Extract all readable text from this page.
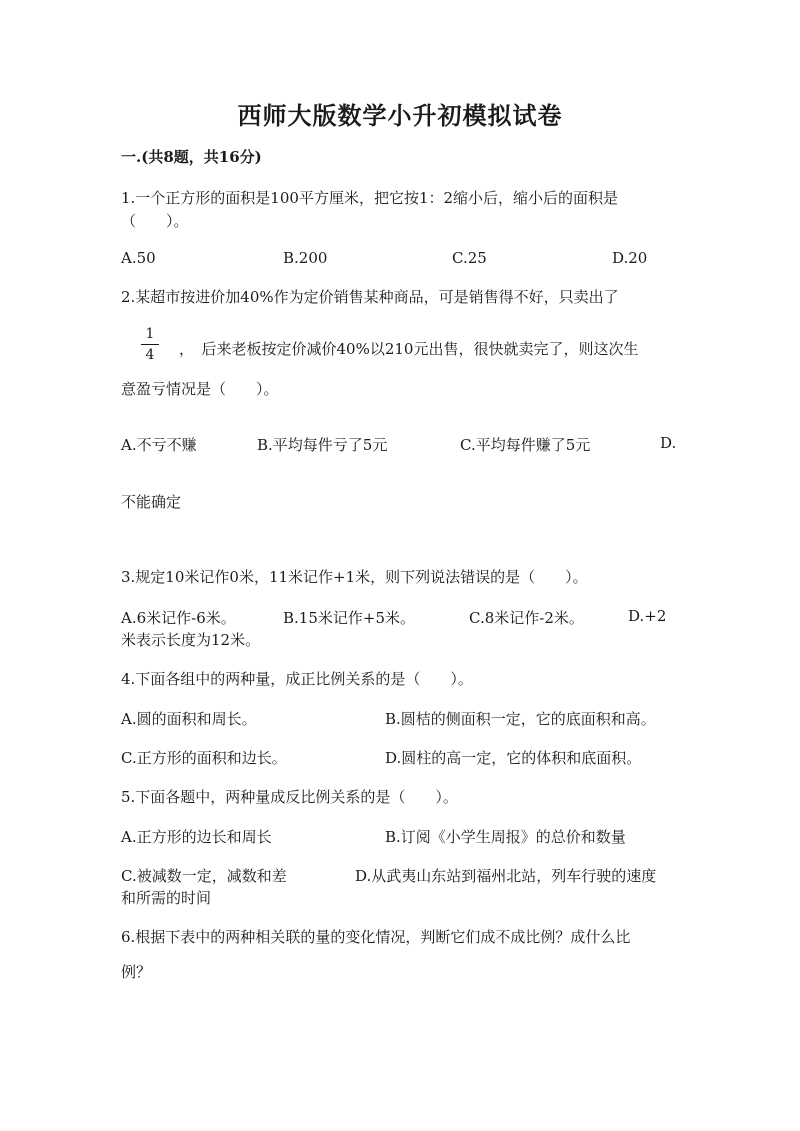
西师大版数学小升初模拟试卷
一.(共8题，共16分)
1.一个正方形的面积是100平方厘米，把它按1：2缩小后，缩小后的面积是
（　　）。
A.50	B.200	C.25	D.20
2.某超市按进价加40%作为定价销售某种商品，可是销售得不好，只卖出了
1
4	，　后来老板按定价减价40%以210元出售，很快就卖完了，则这次生
意盈亏情况是（　　）。
A.不亏不赚	B.平均每件亏了5元	C.平均每件赚了5元	D.
不能确定
3.规定10米记作0米，11米记作+1米，则下列说法错误的是（　　）。
A.6米记作-6米。	B.15米记作+5米。	C.8米记作-2米。	D.+2
米表示长度为12米。
4.下面各组中的两种量，成正比例关系的是（　　）。
A.圆的面积和周长。	B.圆桔的侧面积一定，它的底面积和高。
C.正方形的面积和边长。	D.圆柱的高一定，它的体积和底面积。
5.下面各题中，两种量成反比例关系的是（　　）。
A.正方形的边长和周长	B.订阅《小学生周报》的总价和数量
C.被减数一定，减数和差	D.从武夷山东站到福州北站，列车行驶的速度
和所需的时间
6.根据下表中的两种相关联的量的变化情况，判断它们成不成比例？成什么比
例？
